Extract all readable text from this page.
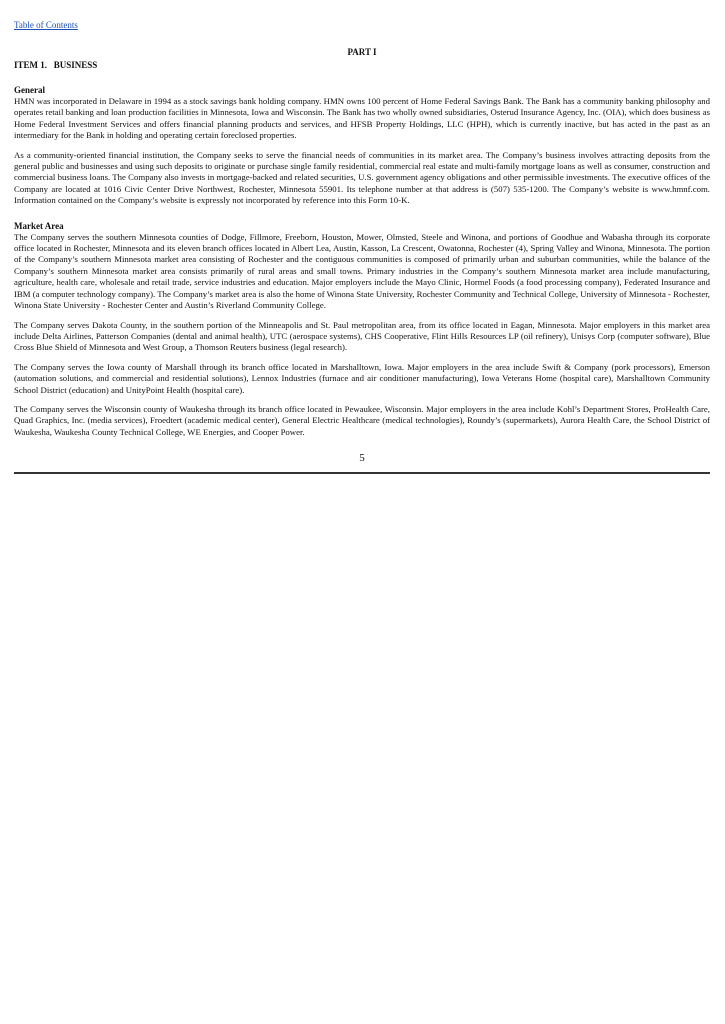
Table of Contents
PART I
ITEM 1.   BUSINESS
General

HMN was incorporated in Delaware in 1994 as a stock savings bank holding company. HMN owns 100 percent of Home Federal Savings Bank. The Bank has a community banking philosophy and operates retail banking and loan production facilities in Minnesota, Iowa and Wisconsin. The Bank has two wholly owned subsidiaries, Osterud Insurance Agency, Inc. (OIA), which does business as Home Federal Investment Services and offers financial planning products and services, and HFSB Property Holdings, LLC (HPH), which is currently inactive, but has acted in the past as an intermediary for the Bank in holding and operating certain foreclosed properties.

As a community-oriented financial institution, the Company seeks to serve the financial needs of communities in its market area. The Company’s business involves attracting deposits from the general public and businesses and using such deposits to originate or purchase single family residential, commercial real estate and multi-family mortgage loans as well as consumer, construction and commercial business loans. The Company also invests in mortgage-backed and related securities, U.S. government agency obligations and other permissible investments. The executive offices of the Company are located at 1016 Civic Center Drive Northwest, Rochester, Minnesota 55901. Its telephone number at that address is (507) 535-1200. The Company’s website is www.hmnf.com. Information contained on the Company’s website is expressly not incorporated by reference into this Form 10-K.

Market Area

The Company serves the southern Minnesota counties of Dodge, Fillmore, Freeborn, Houston, Mower, Olmsted, Steele and Winona, and portions of Goodhue and Wabasha through its corporate office located in Rochester, Minnesota and its eleven branch offices located in Albert Lea, Austin, Kasson, La Crescent, Owatonna, Rochester (4), Spring Valley and Winona, Minnesota. The portion of the Company’s southern Minnesota market area consisting of Rochester and the contiguous communities is composed of primarily urban and suburban communities, while the balance of the Company’s southern Minnesota market area consists primarily of rural areas and small towns. Primary industries in the Company’s southern Minnesota market area include manufacturing, agriculture, health care, wholesale and retail trade, service industries and education. Major employers include the Mayo Clinic, Hormel Foods (a food processing company), Federated Insurance and IBM (a computer technology company). The Company’s market area is also the home of Winona State University, Rochester Community and Technical College, University of Minnesota - Rochester, Winona State University - Rochester Center and Austin’s Riverland Community College.

The Company serves Dakota County, in the southern portion of the Minneapolis and St. Paul metropolitan area, from its office located in Eagan, Minnesota. Major employers in this market area include Delta Airlines, Patterson Companies (dental and animal health), UTC (aerospace systems), CHS Cooperative, Flint Hills Resources LP (oil refinery), Unisys Corp (computer software), Blue Cross Blue Shield of Minnesota and West Group, a Thomson Reuters business (legal research).

The Company serves the Iowa county of Marshall through its branch office located in Marshalltown, Iowa. Major employers in the area include Swift & Company (pork processors), Emerson (automation solutions, and commercial and residential solutions), Lennox Industries (furnace and air conditioner manufacturing), Iowa Veterans Home (hospital care), Marshalltown Community School District (education) and UnityPoint Health (hospital care).

The Company serves the Wisconsin county of Waukesha through its branch office located in Pewaukee, Wisconsin. Major employers in the area include Kohl’s Department Stores, ProHealth Care, Quad Graphics, Inc. (media services), Froedtert (academic medical center), General Electric Healthcare (medical technologies), Roundy’s (supermarkets), Aurora Health Care, the School District of Waukesha, Waukesha County Technical College, WE Energies, and Cooper Power.

5
